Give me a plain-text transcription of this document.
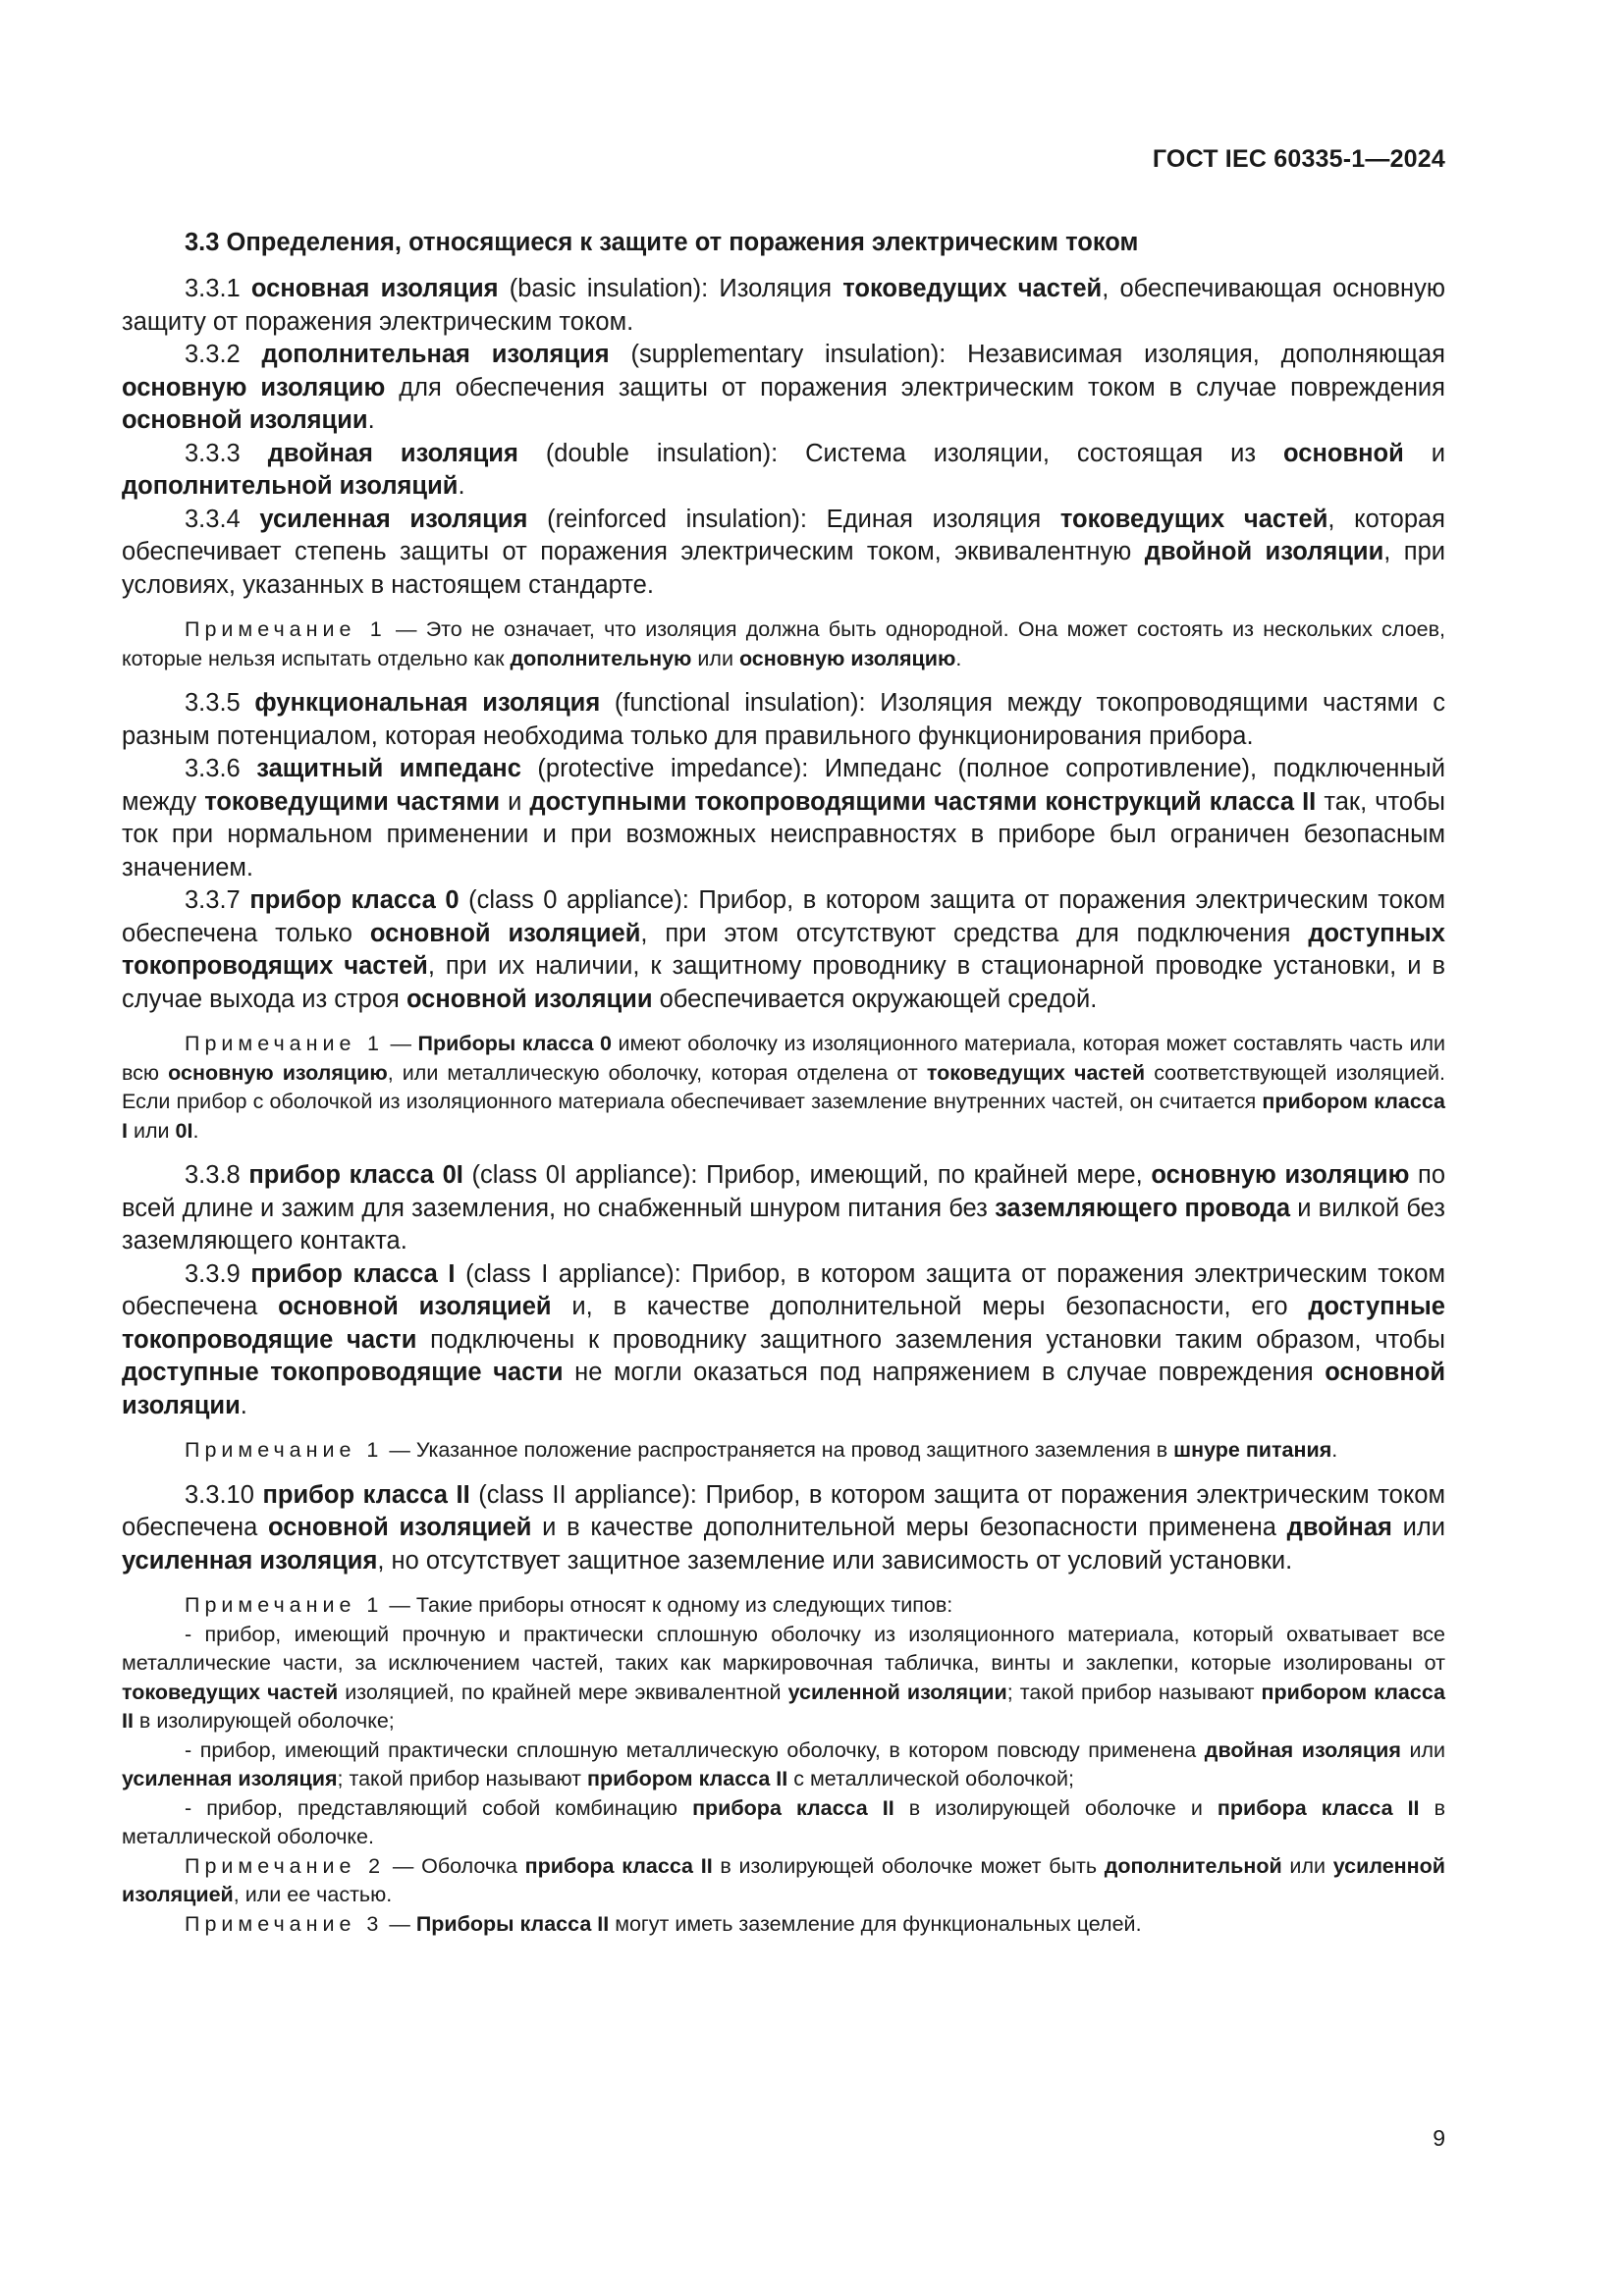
ГОСТ IEC 60335-1—2024
3.3 Определения, относящиеся к защите от поражения электрическим током

3.3.1 основная изоляция (basic insulation): Изоляция токоведущих частей, обеспечивающая основную защиту от поражения электрическим током.

3.3.2 дополнительная изоляция (supplementary insulation): Независимая изоляция, дополняющая основную изоляцию для обеспечения защиты от поражения электрическим током в случае повреждения основной изоляции.

3.3.3 двойная изоляция (double insulation): Система изоляции, состоящая из основной и дополнительной изоляций.

3.3.4 усиленная изоляция (reinforced insulation): Единая изоляция токоведущих частей, которая обеспечивает степень защиты от поражения электрическим током, эквивалентную двойной изоляции, при условиях, указанных в настоящем стандарте.

Примечание 1 — Это не означает, что изоляция должна быть однородной. Она может состоять из нескольких слоев, которые нельзя испытать отдельно как дополнительную или основную изоляцию.

3.3.5 функциональная изоляция (functional insulation): Изоляция между токопроводящими частями с разным потенциалом, которая необходима только для правильного функционирования прибора.

3.3.6 защитный импеданс (protective impedance): Импеданс (полное сопротивление), подключенный между токоведущими частями и доступными токопроводящими частями конструкций класса II так, чтобы ток при нормальном применении и при возможных неисправностях в приборе был ограничен безопасным значением.

3.3.7 прибор класса 0 (class 0 appliance): Прибор, в котором защита от поражения электрическим током обеспечена только основной изоляцией, при этом отсутствуют средства для подключения доступных токопроводящих частей, при их наличии, к защитному проводнику в стационарной проводке установки, и в случае выхода из строя основной изоляции обеспечивается окружающей средой.

Примечание 1 — Приборы класса 0 имеют оболочку из изоляционного материала, которая может составлять часть или всю основную изоляцию, или металлическую оболочку, которая отделена от токоведущих частей соответствующей изоляцией. Если прибор с оболочкой из изоляционного материала обеспечивает заземление внутренних частей, он считается прибором класса I или 0I.

3.3.8 прибор класса 0I (class 0I appliance): Прибор, имеющий, по крайней мере, основную изоляцию по всей длине и зажим для заземления, но снабженный шнуром питания без заземляющего провода и вилкой без заземляющего контакта.

3.3.9 прибор класса I (class I appliance): Прибор, в котором защита от поражения электрическим током обеспечена основной изоляцией и, в качестве дополнительной меры безопасности, его доступные токопроводящие части подключены к проводнику защитного заземления установки таким образом, чтобы доступные токопроводящие части не могли оказаться под напряжением в случае повреждения основной изоляции.

Примечание 1 — Указанное положение распространяется на провод защитного заземления в шнуре питания.

3.3.10 прибор класса II (class II appliance): Прибор, в котором защита от поражения электрическим током обеспечена основной изоляцией и в качестве дополнительной меры безопасности применена двойная или усиленная изоляция, но отсутствует защитное заземление или зависимость от условий установки.

Примечание 1 — Такие приборы относят к одному из следующих типов:

- прибор, имеющий прочную и практически сплошную оболочку из изоляционного материала, который охватывает все металлические части, за исключением частей, таких как маркировочная табличка, винты и заклепки, которые изолированы от токоведущих частей изоляцией, по крайней мере эквивалентной усиленной изоляции; такой прибор называют прибором класса II в изолирующей оболочке;

- прибор, имеющий практически сплошную металлическую оболочку, в котором повсюду применена двойная изоляция или усиленная изоляция; такой прибор называют прибором класса II с металлической оболочкой;

- прибор, представляющий собой комбинацию прибора класса II в изолирующей оболочке и прибора класса II в металлической оболочке.

Примечание 2 — Оболочка прибора класса II в изолирующей оболочке может быть дополнительной или усиленной изоляцией, или ее частью.

Примечание 3 — Приборы класса II могут иметь заземление для функциональных целей.

9
